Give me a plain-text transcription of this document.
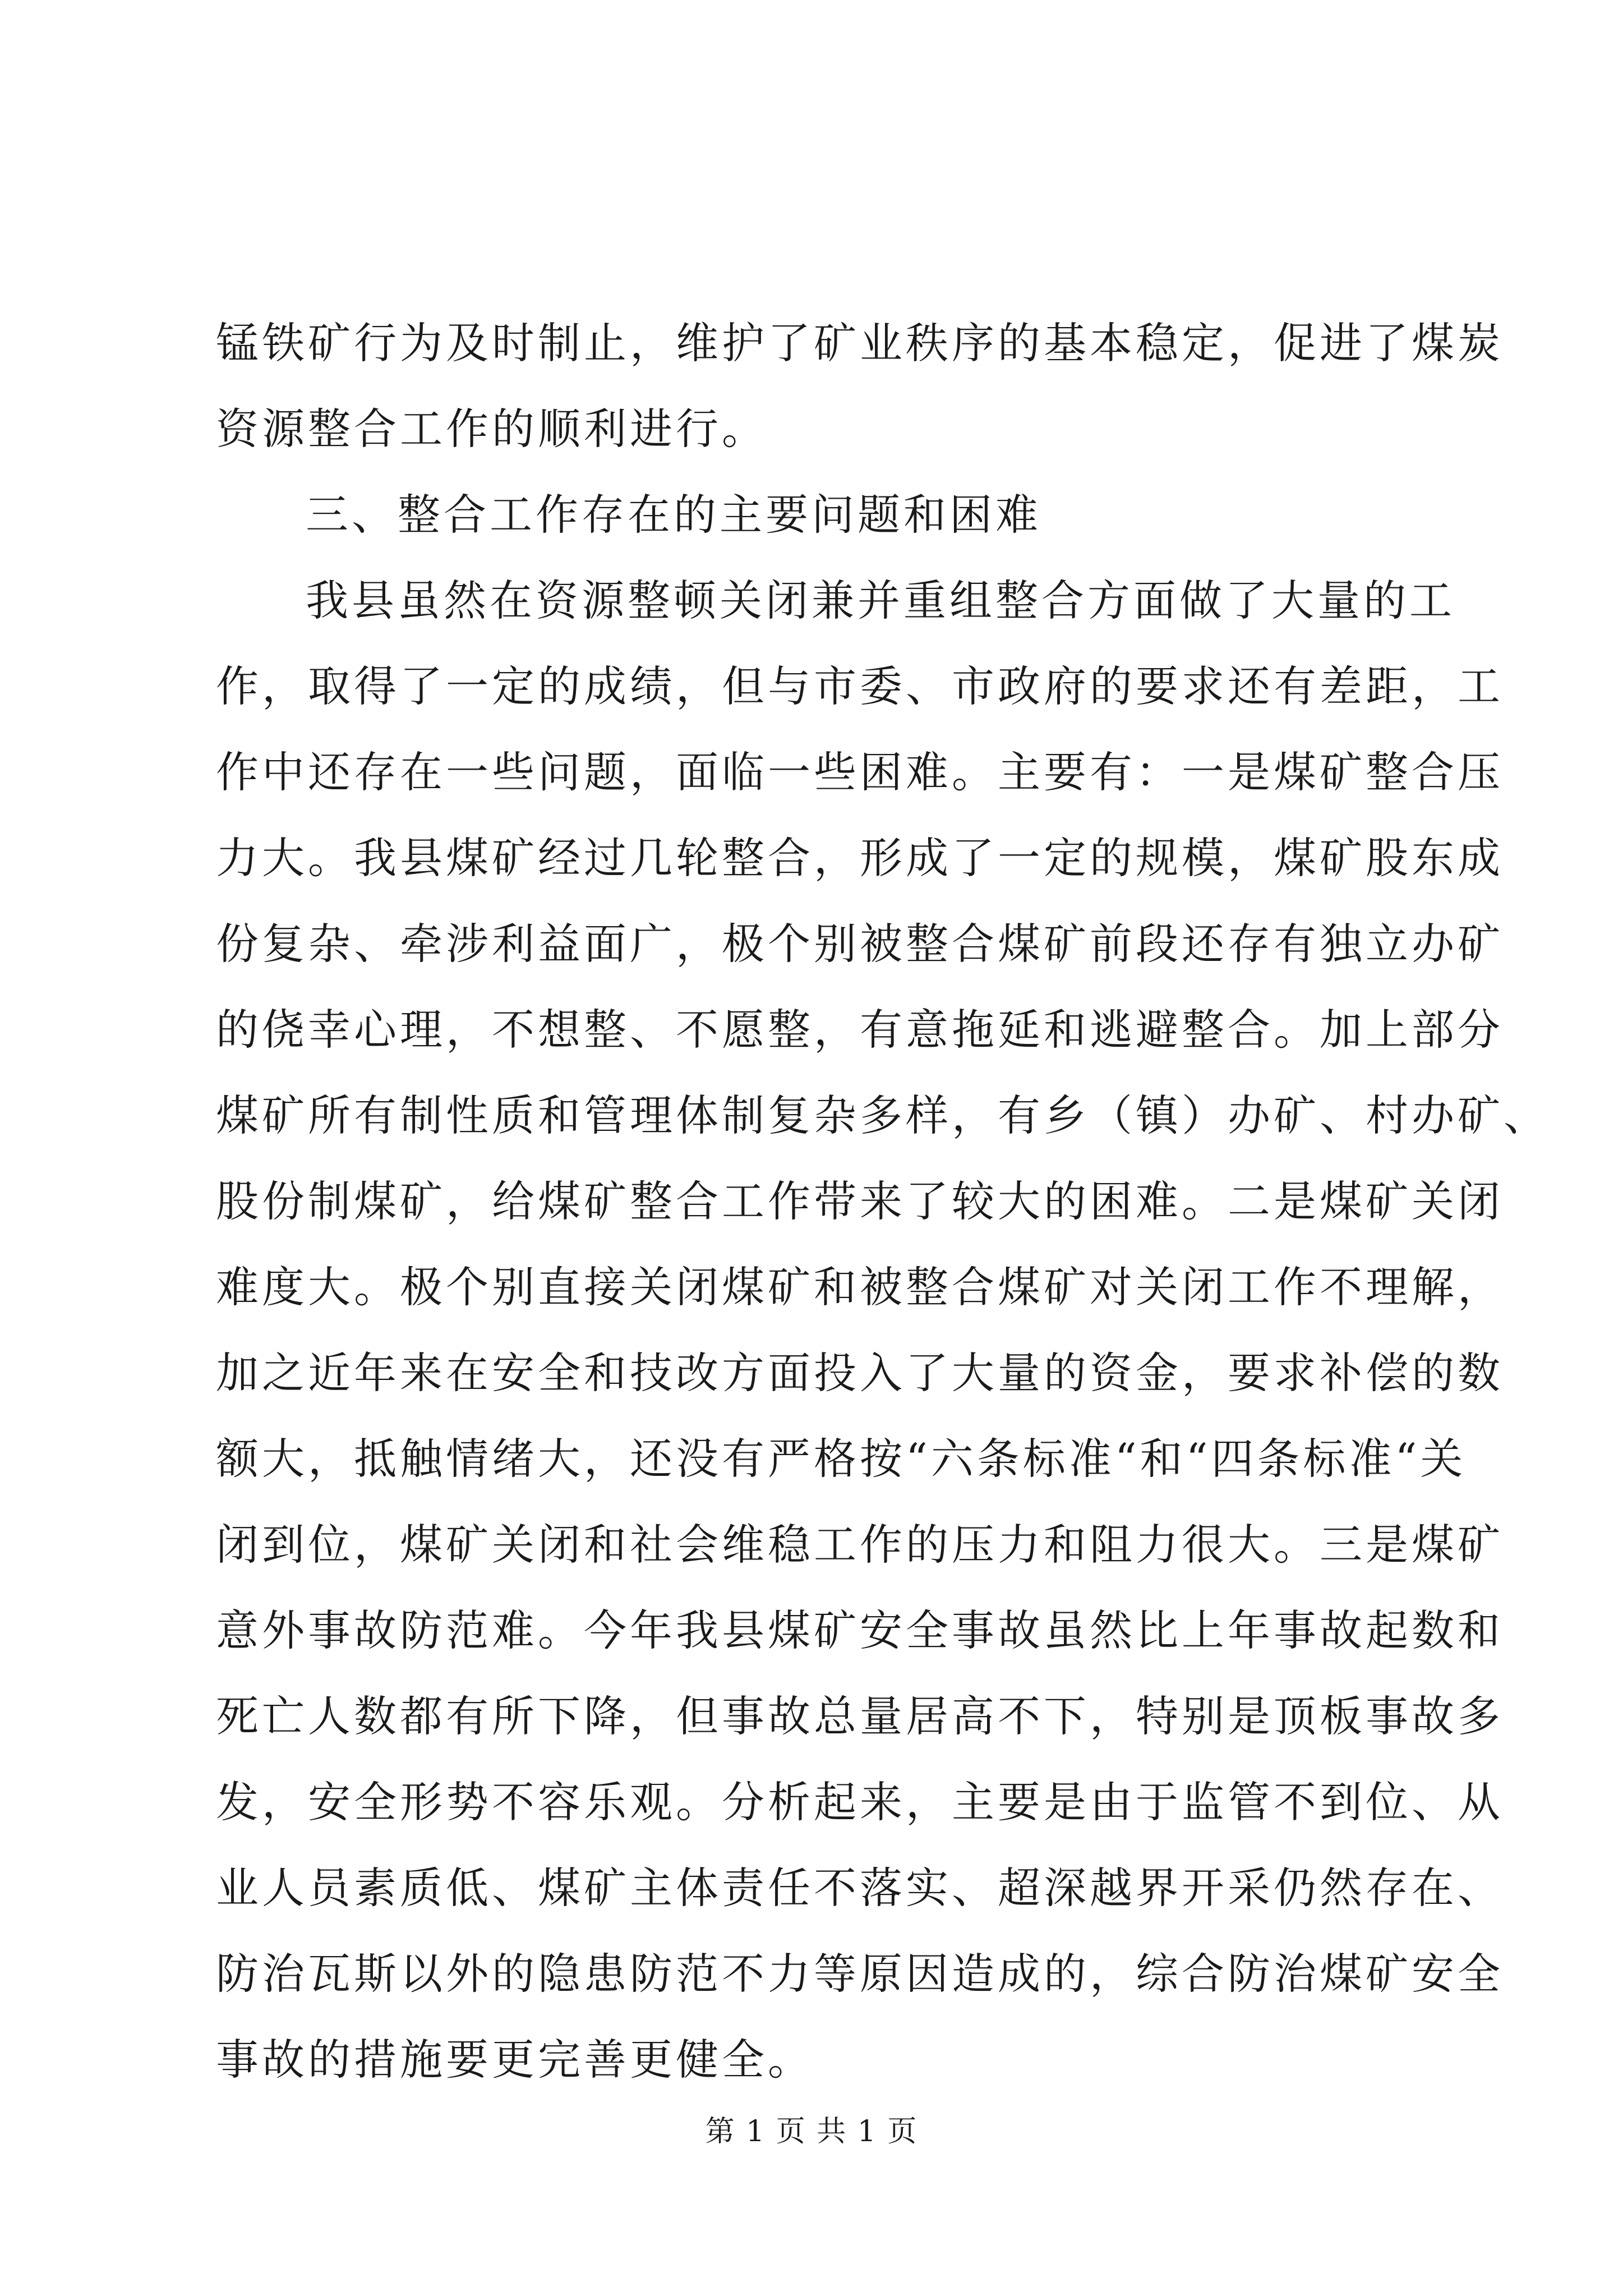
锰铁矿行为及时制止，维护了矿业秩序的基本稳定，促进了煤炭
资源整合工作的顺利进行。
三、整合工作存在的主要问题和困难
我县虽然在资源整顿关闭兼并重组整合方面做了大量的工
作，取得了一定的成绩，但与市委、市政府的要求还有差距，工
作中还存在一些问题，面临一些困难。主要有：一是煤矿整合压
力大。我县煤矿经过几轮整合，形成了一定的规模，煤矿股东成
份复杂、牵涉利益面广，极个别被整合煤矿前段还存有独立办矿
的侥幸心理，不想整、不愿整，有意拖延和逃避整合。加上部分
煤矿所有制性质和管理体制复杂多样，有乡（镇）办矿、村办矿、
股份制煤矿，给煤矿整合工作带来了较大的困难。二是煤矿关闭
难度大。极个别直接关闭煤矿和被整合煤矿对关闭工作不理解，
加之近年来在安全和技改方面投入了大量的资金，要求补偿的数
额大，抵触情绪大，还没有严格按“六条标准“和“四条标准“关
闭到位，煤矿关闭和社会维稳工作的压力和阻力很大。三是煤矿
意外事故防范难。今年我县煤矿安全事故虽然比上年事故起数和
死亡人数都有所下降，但事故总量居高不下，特别是顶板事故多
发，安全形势不容乐观。分析起来，主要是由于监管不到位、从
业人员素质低、煤矿主体责任不落实、超深越界开采仍然存在、
防治瓦斯以外的隐患防范不力等原因造成的，综合防治煤矿安全
事故的措施要更完善更健全。
第 1 页 共 1 页
